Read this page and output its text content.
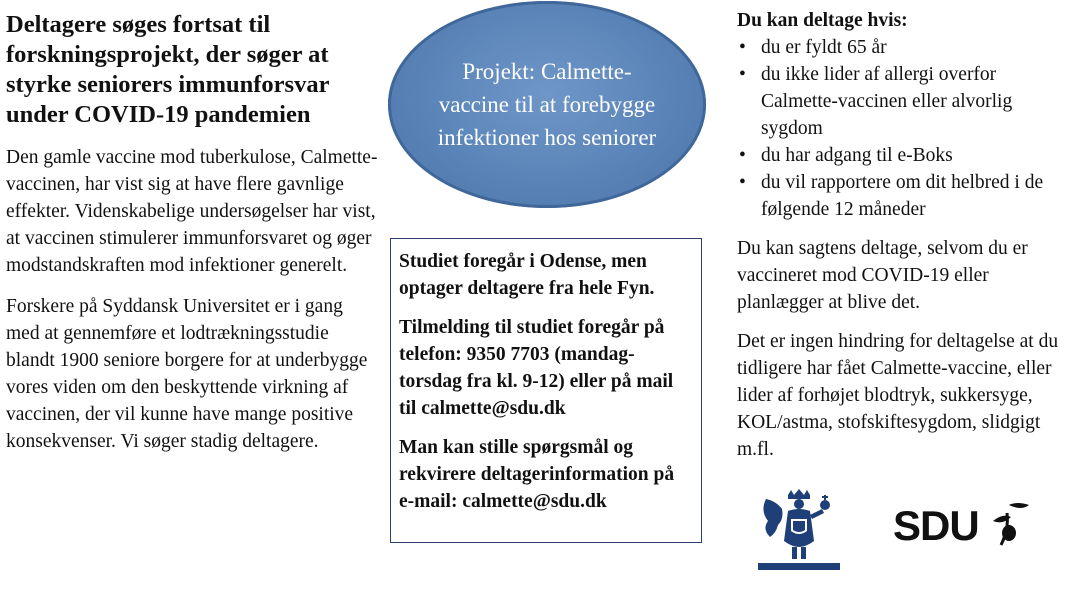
Deltagere søges fortsat til forskningsprojekt, der søger at styrke seniorers immunforsvar under COVID-19 pandemien

Den gamle vaccine mod tuberkulose, Calmette-vaccinen, har vist sig at have flere gavnlige effekter. Videnskabelige undersøgelser har vist, at vaccinen stimulerer immunforsvaret og øger modstandskraften mod infektioner generelt.

Forskere på Syddansk Universitet er i gang med at gennemføre et lodtrækningsstudie blandt 1900 seniore borgere for at underbygge vores viden om den beskyttende virkning af vaccinen, der vil kunne have mange positive konsekvenser. Vi søger stadig deltagere.

Projekt: Calmette-vaccine til at forebygge infektioner hos seniorer

Studiet foregår i Odense, men optager deltagere fra hele Fyn.

Tilmelding til studiet foregår på telefon: 9350 7703 (mandag-torsdag fra kl. 9-12) eller på mail til calmette@sdu.dk

Man kan stille spørgsmål og rekvirere deltagerinformation på e-mail: calmette@sdu.dk

Du kan deltage hvis:

• du er fyldt 65 år
• du ikke lider af allergi overfor Calmette-vaccinen eller alvorlig sygdom
• du har adgang til e-Boks
• du vil rapportere om dit helbred i de følgende 12 måneder

Du kan sagtens deltage, selvom du er vaccineret mod COVID-19 eller planlægger at blive det.

Det er ingen hindring for deltagelse at du tidligere har fået Calmette-vaccine, eller lider af forhøjet blodtryk, sukkersyge, KOL/astma, stofskiftesygdom, slidgigt m.fl.

SDU
